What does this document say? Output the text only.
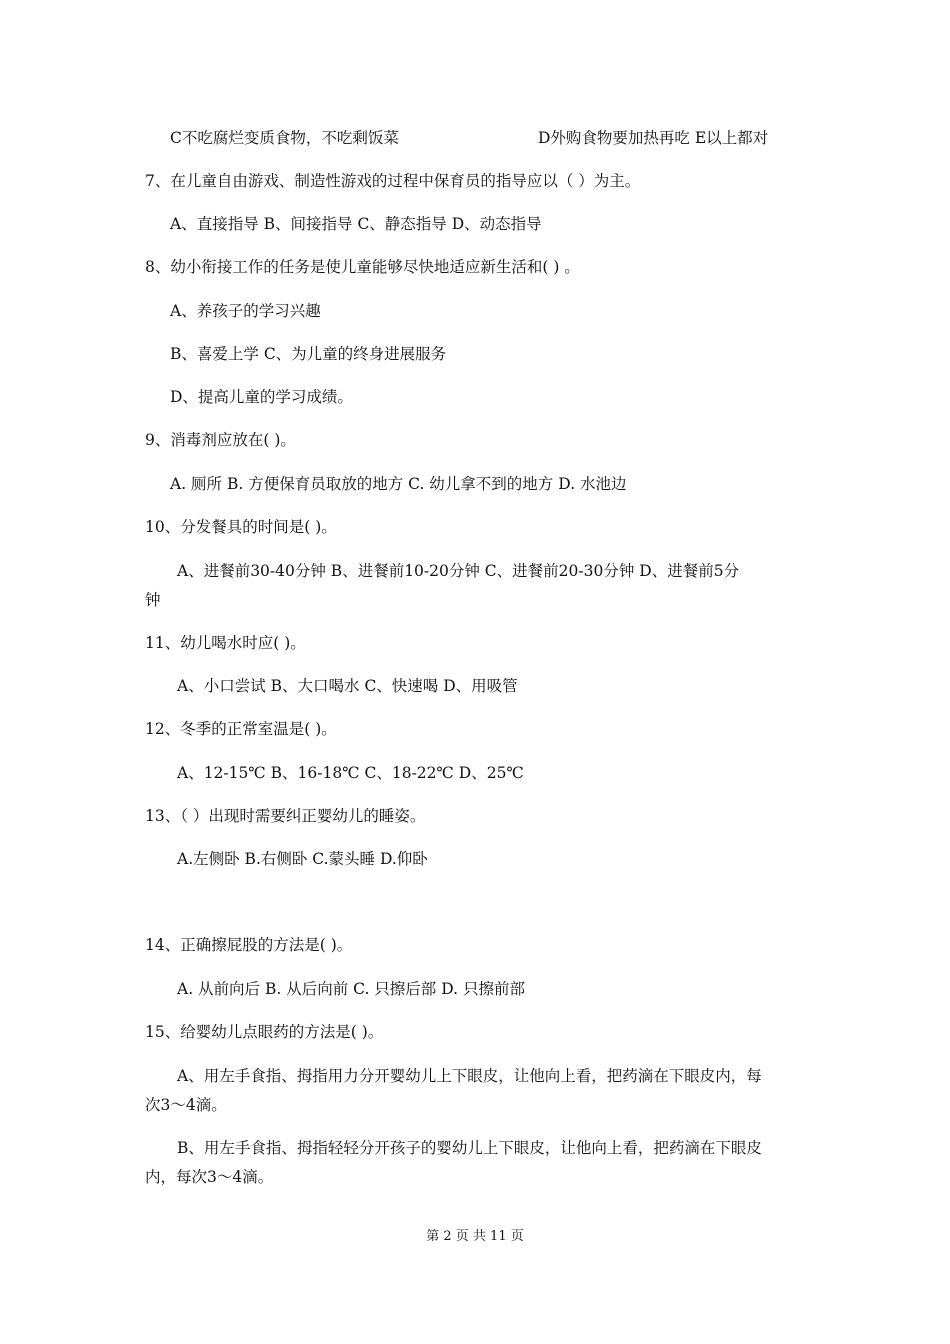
C不吃腐烂变质食物，不吃剩饭菜	D外购食物要加热再吃 E以上都对
7、在儿童自由游戏、制造性游戏的过程中保育员的指导应以（ ）为主。
A、直接指导 B、间接指导 C、静态指导 D、动态指导
8、幼小衔接工作的任务是使儿童能够尽快地适应新生活和( ) 。
A、养孩子的学习兴趣
B、喜爱上学 C、为儿童的终身进展服务
D、提高儿童的学习成绩。
9、消毒剂应放在( )。
A. 厕所 B. 方便保育员取放的地方 C. 幼儿拿不到的地方 D. 水池边
10、分发餐具的时间是( )。
A、进餐前30-40分钟 B、进餐前10-20分钟 C、进餐前20-30分钟 D、进餐前5分
钟
11、幼儿喝水时应( )。
A、小口尝试 B、大口喝水 C、快速喝 D、用吸管
12、冬季的正常室温是( )。
A、12-15℃ B、16-18℃ C、18-22℃ D、25℃
13、（ ）出现时需要纠正婴幼儿的睡姿。
A.左侧卧 B.右侧卧 C.蒙头睡 D.仰卧
14、正确擦屁股的方法是( )。
A. 从前向后 B. 从后向前 C. 只擦后部 D. 只擦前部
15、给婴幼儿点眼药的方法是( )。
A、用左手食指、拇指用力分开婴幼儿上下眼皮，让他向上看，把药滴在下眼皮内，每
次3～4滴。
B、用左手食指、拇指轻轻分开孩子的婴幼儿上下眼皮，让他向上看，把药滴在下眼皮
内，每次3～4滴。
第 2 页 共 11 页
